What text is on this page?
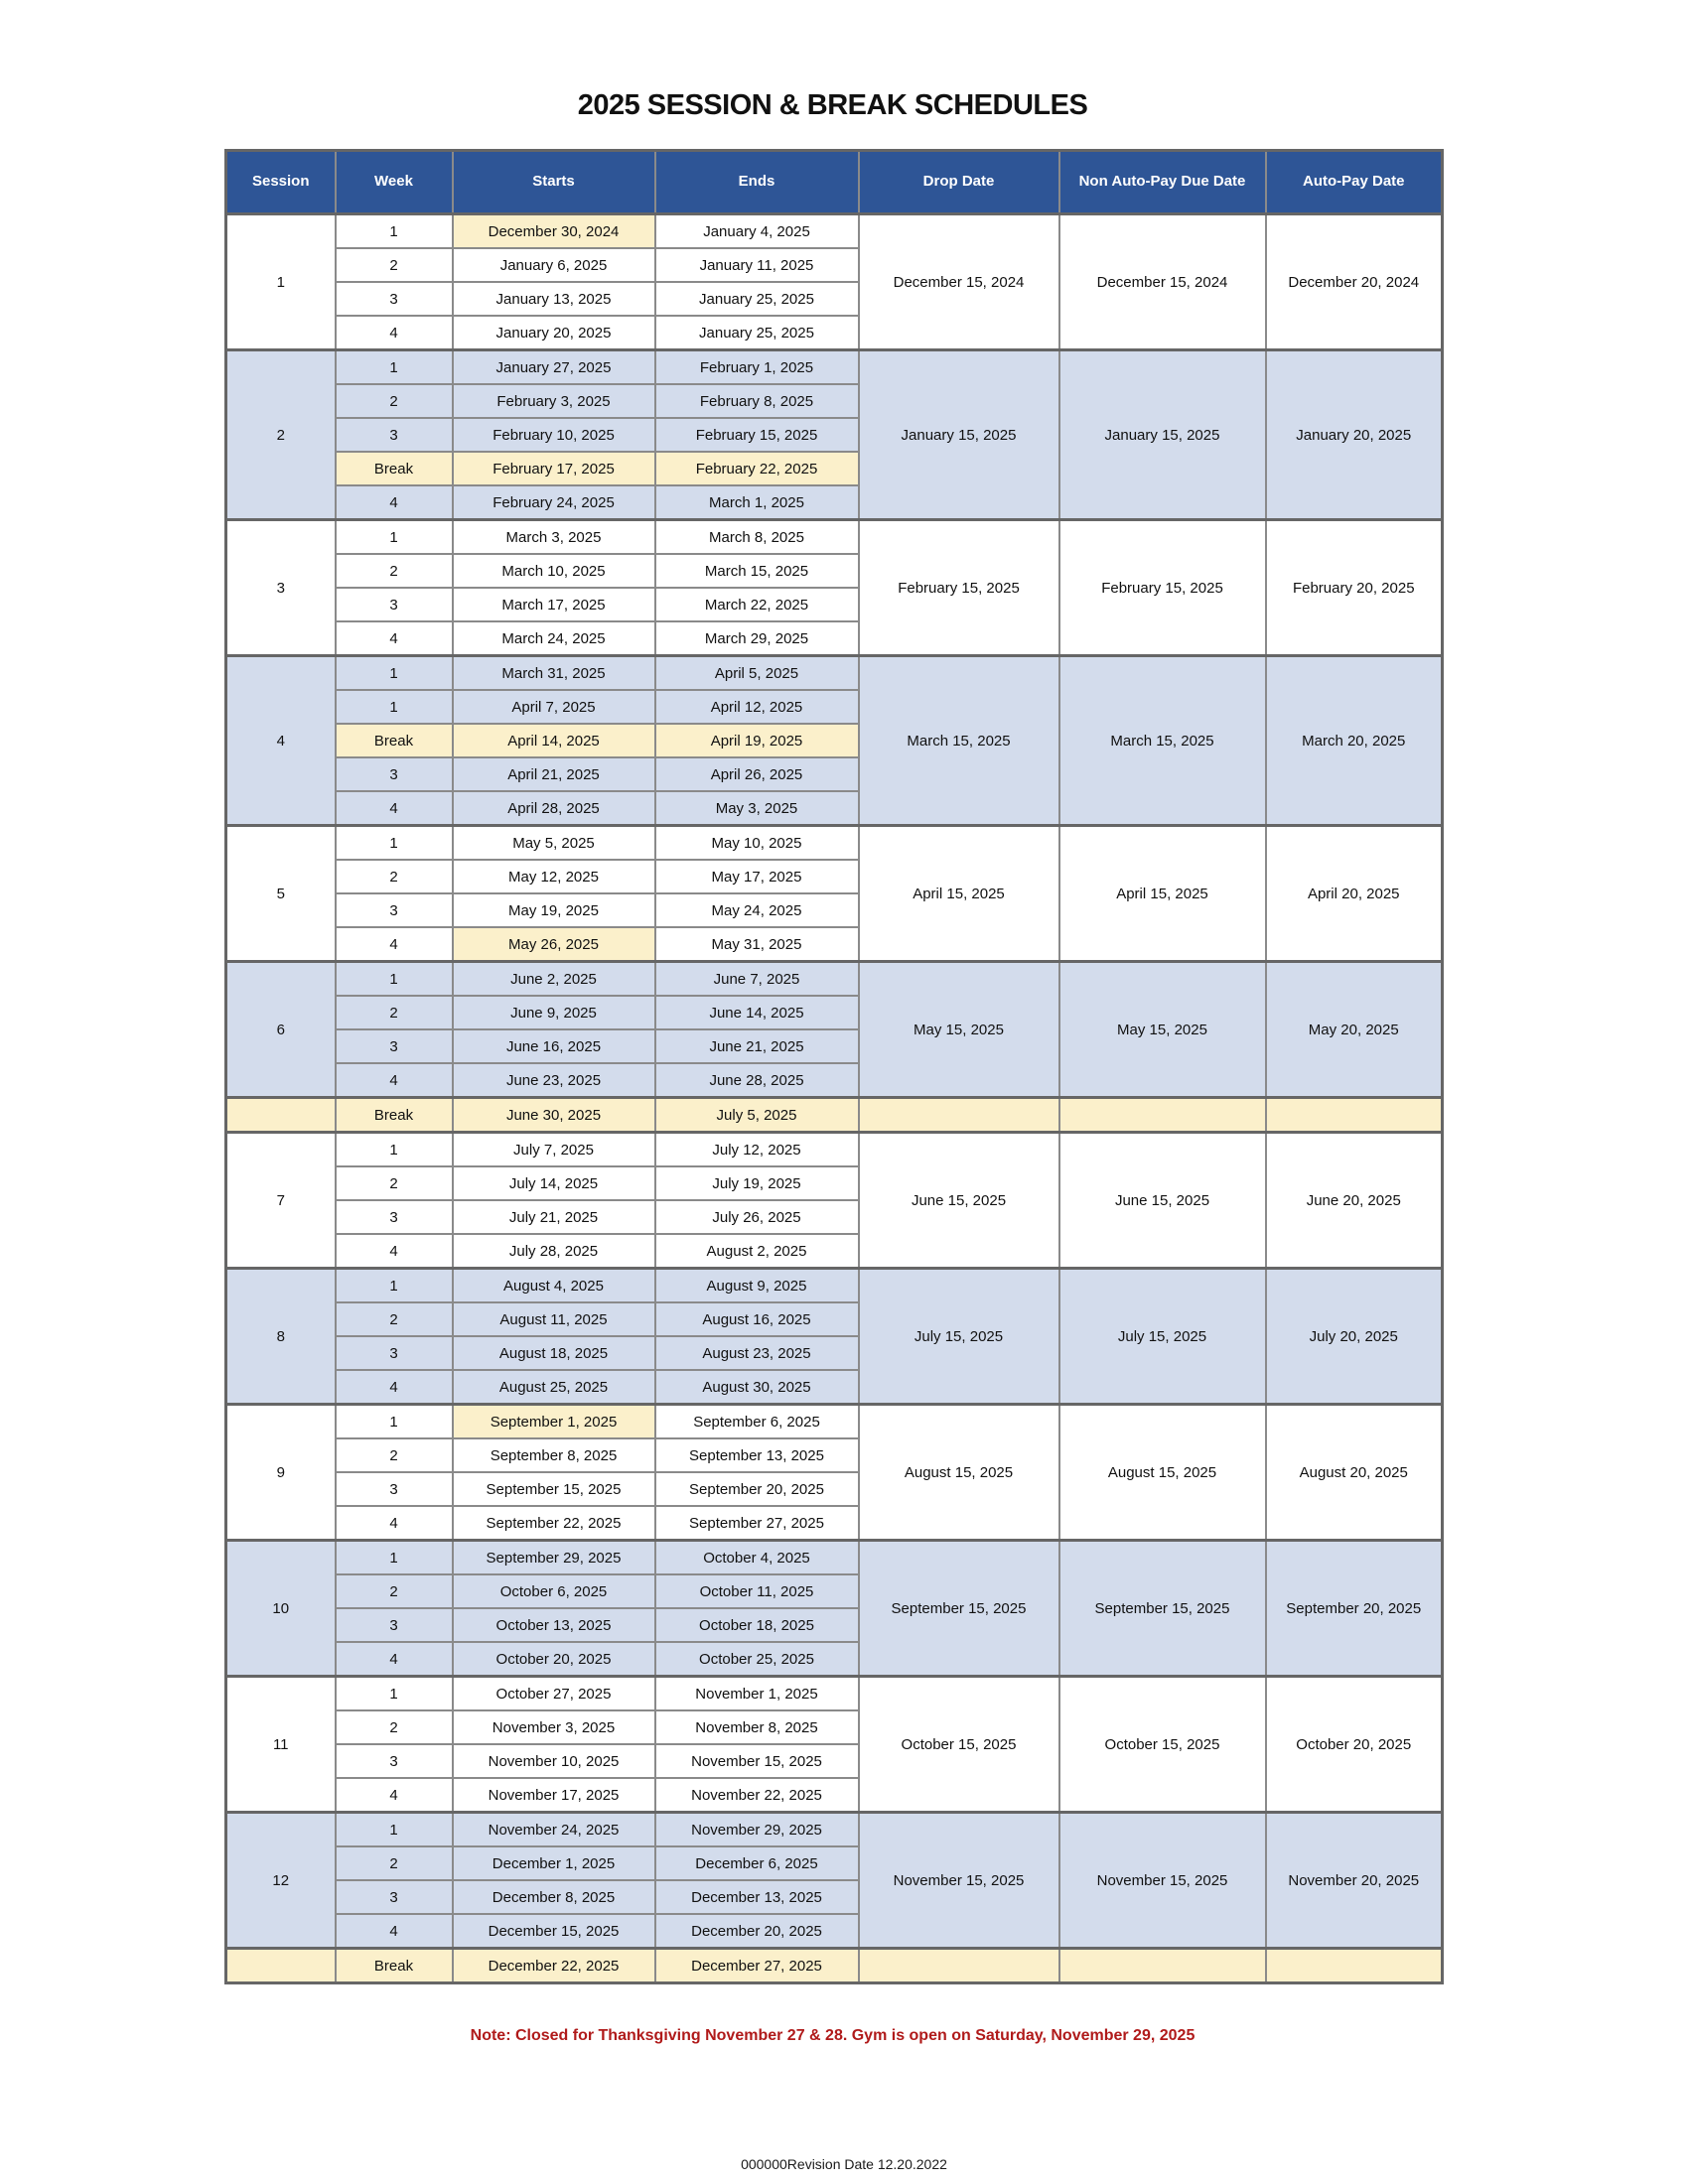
2025 SESSION & BREAK SCHEDULES
Session	Week	Starts	Ends	Drop Date	Non Auto-Pay Due Date	Auto-Pay Date
1	1	December 30, 2024	January 4, 2025	December 15, 2024	December 15, 2024	December 20, 2024
	2	January 6, 2025	January 11, 2025			
	3	January 13, 2025	January 25, 2025			
	4	January 20, 2025	January 25, 2025			
2	1	January 27, 2025	February 1, 2025	January 15, 2025	January 15, 2025	January 20, 2025
	2	February 3, 2025	February 8, 2025			
	3	February 10, 2025	February 15, 2025			
	Break	February 17, 2025	February 22, 2025			
	4	February 24, 2025	March 1, 2025			
3	1	March 3, 2025	March 8, 2025	February 15, 2025	February 15, 2025	February 20, 2025
	2	March 10, 2025	March 15, 2025			
	3	March 17, 2025	March 22, 2025			
	4	March 24, 2025	March 29, 2025			
4	1	March 31, 2025	April 5, 2025	March 15, 2025	March 15, 2025	March 20, 2025
	1	April 7, 2025	April 12, 2025			
	Break	April 14, 2025	April 19, 2025			
	3	April 21, 2025	April 26, 2025			
	4	April 28, 2025	May 3, 2025			
5	1	May 5, 2025	May 10, 2025	April 15, 2025	April 15, 2025	April 20, 2025
	2	May 12, 2025	May 17, 2025			
	3	May 19, 2025	May 24, 2025			
	4	May 26, 2025	May 31, 2025			
6	1	June 2, 2025	June 7, 2025	May 15, 2025	May 15, 2025	May 20, 2025
	2	June 9, 2025	June 14, 2025			
	3	June 16, 2025	June 21, 2025			
	4	June 23, 2025	June 28, 2025			
	Break	June 30, 2025	July 5, 2025			
7	1	July 7, 2025	July 12, 2025	June 15, 2025	June 15, 2025	June 20, 2025
	2	July 14, 2025	July 19, 2025			
	3	July 21, 2025	July 26, 2025			
	4	July 28, 2025	August 2, 2025			
8	1	August 4, 2025	August 9, 2025	July 15, 2025	July 15, 2025	July 20, 2025
	2	August 11, 2025	August 16, 2025			
	3	August 18, 2025	August 23, 2025			
	4	August 25, 2025	August 30, 2025			
9	1	September 1, 2025	September 6, 2025	August 15, 2025	August 15, 2025	August 20, 2025
	2	September 8, 2025	September 13, 2025			
	3	September 15, 2025	September 20, 2025			
	4	September 22, 2025	September 27, 2025			
10	1	September 29, 2025	October 4, 2025	September 15, 2025	September 15, 2025	September 20, 2025
	2	October 6, 2025	October 11, 2025			
	3	October 13, 2025	October 18, 2025			
	4	October 20, 2025	October 25, 2025			
11	1	October 27, 2025	November 1, 2025	October 15, 2025	October 15, 2025	October 20, 2025
	2	November 3, 2025	November 8, 2025			
	3	November 10, 2025	November 15, 2025			
	4	November 17, 2025	November 22, 2025			
12	1	November 24, 2025	November 29, 2025	November 15, 2025	November 15, 2025	November 20, 2025
	2	December 1, 2025	December 6, 2025			
	3	December 8, 2025	December 13, 2025			
	4	December 15, 2025	December 20, 2025			
	Break	December 22, 2025	December 27, 2025			

Note: Closed for Thanksgiving November 27 & 28. Gym is open on Saturday, November 29, 2025

000000Revision Date 12.20.2022
